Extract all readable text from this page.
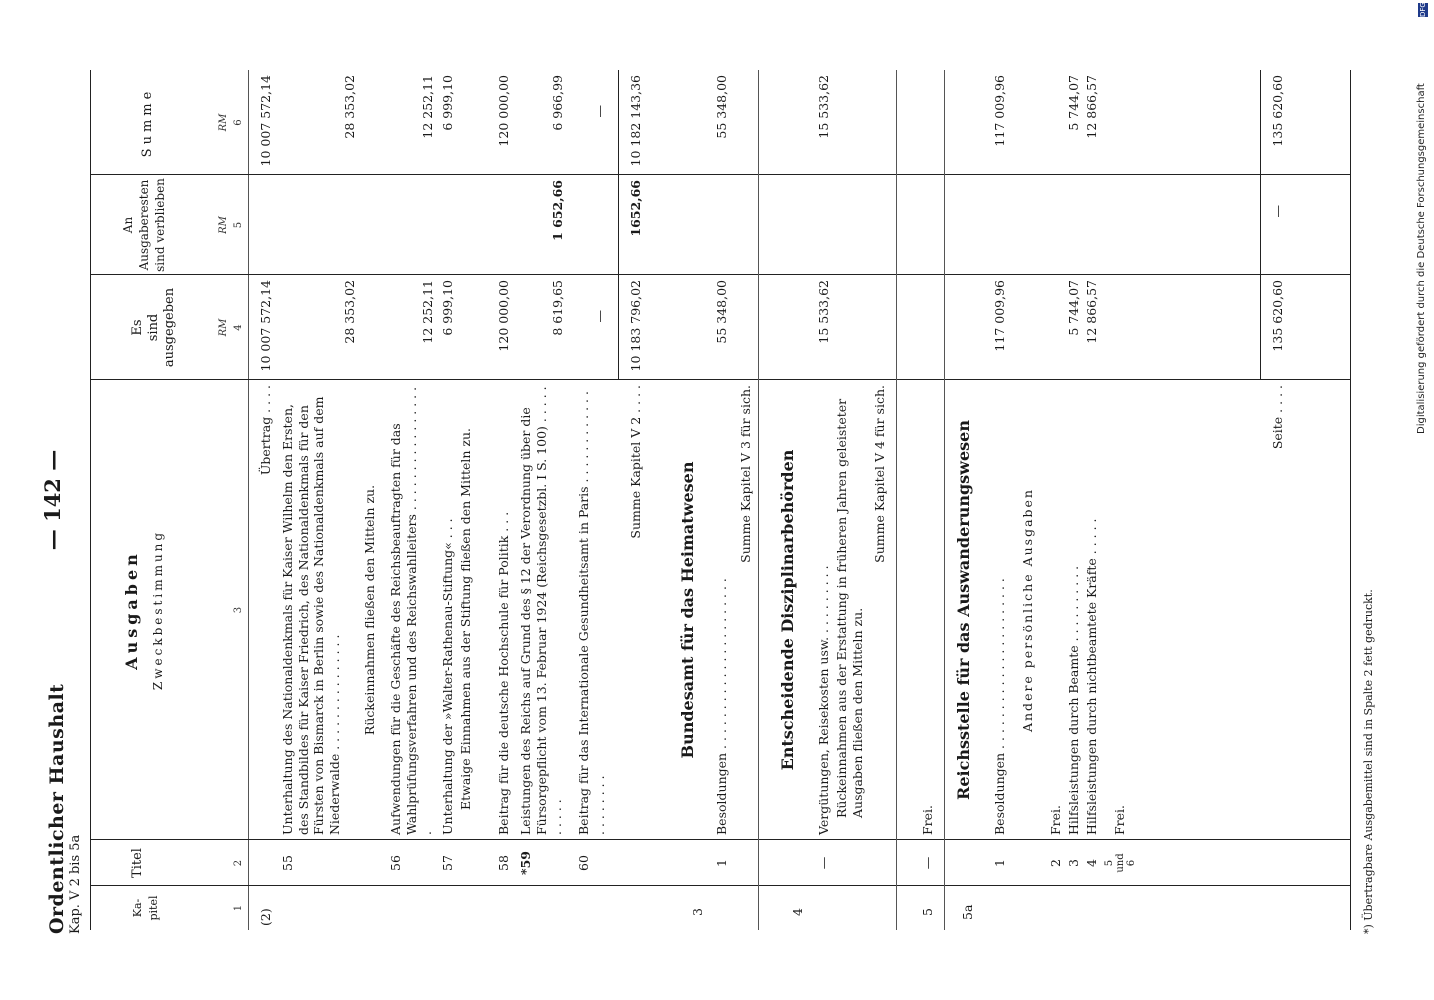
Ordentlicher Haushalt Kap. V 2 bis 5a
— 142 —
Ka-
pitel
Titel
Ausgaben Zweckbestimmung
Es
sind ausgegeben
An
Ausgaberesten
sind verblieben
Summe
RM
RM
RM
1
2
3
4
5
6
(2)
Übertrag . . . .
10 007 572,14
10 007 572,14
55
Unterhaltung des Nationaldenkmals für Kaiser Wilhelm den Ersten, des Standbildes für Kaiser Friedrich, des Nationaldenkmals für den Fürsten von Bismarck in Berlin sowie des Nationaldenkmals auf dem Niederwalde . . . . . . . . . . . . . . .
28 353,02
28 353,02
Rückeinnahmen fließen den Mitteln zu.
56
Aufwendungen für die Geschäfte des Reichsbeauftragten für das Wahlprüfungsverfahren und des Reichswahlleiters . . . . . . . . . . . . . . . . .
12 252,11
12 252,11
57
Unterhaltung der »Walter-Rathenau-Stiftung« . . .
6 999,10
6 999,10
Etwaige Einnahmen aus der Stiftung fließen den Mitteln zu.
58
Beitrag für die deutsche Hochschule für Politik . . .
120 000,00
120 000,00
*59
Leistungen des Reichs auf Grund des § 12 der Verordnung über die Fürsorgepflicht vom 13. Februar 1924 (Reichsgesetzbl. I S. 100) . . . . . . . . . .
8 619,65
1 652,66
6 966,99
60
Beitrag für das Internationale Gesundheitsamt in Paris . . . . . . . . . . . . . . . . . . . .
—
—
Summe Kapitel V 2 . . . .
10 183 796,02
1652,66
10 182 143,36
3
Bundesamt für das Heimatwesen
1
Besoldungen . . . . . . . . . . . . . . . . . . . . . .
55 348,00
55 348,00
Summe Kapitel V 3 für sich.
4
Entscheidende Disziplinarbehörden
—
Vergütungen, Reisekosten usw. . . . . . . . . .
15 533,62
15 533,62
Rückeinnahmen aus der Erstattung in früheren Jahren geleisteter Ausgaben fließen den Mitteln zu.
Summe Kapitel V 4 für sich.
5
—
Frei.
5a
Reichsstelle für das Auswanderungswesen
1
Besoldungen . . . . . . . . . . . . . . . . . . . . . .
117 009,96
117 009,96
Andere persönliche Ausgaben
2
Frei.
3
Hilfsleistungen durch Beamte . . . . . . . . . .
5 744,07
5 744,07
4
Hilfsleistungen durch nichtbeamtete Kräfte . . . . .
12 866,57
12 866,57
5
und
6
Frei.
Seite . . . .
135 620,60
—
135 620,60
*) Übertragbare Ausgabemittel sind in Spalte 2 fett gedruckt.
Digitalisierung gefördert durch die Deutsche Forschungsgemeinschaft
DFG
